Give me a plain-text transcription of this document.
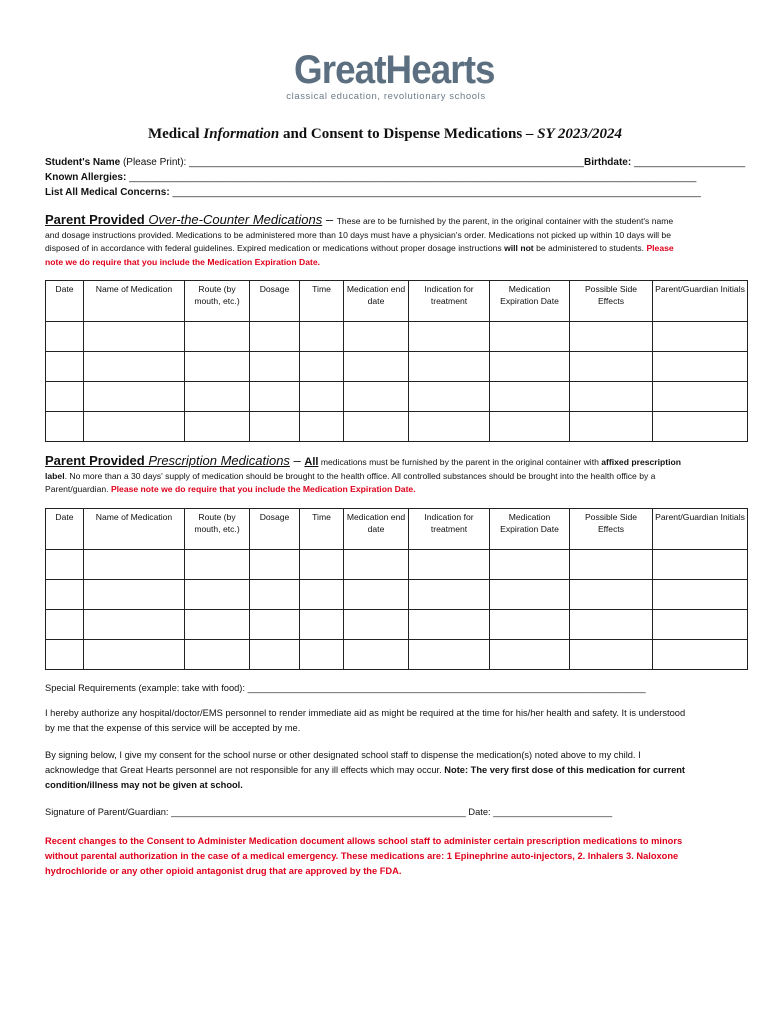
GreatHearts
classical education, revolutionary schools
Medical Information and Consent to Dispense Medications – SY 2023/2024
Student's Name (Please Print): _______________________________________________________________________Birthdate: ____________________
Known Allergies: ______________________________________________________________________________________________________
List All Medical Concerns: _______________________________________________________________________________________________
Parent Provided Over-the-Counter Medications – These are to be furnished by the parent, in the original container with the student's name and dosage instructions provided. Medications to be administered more than 10 days must have a physician's order. Medications not picked up within 10 days will be disposed of in accordance with federal guidelines. Expired medication or medications without proper dosage instructions will not be administered to students. Please note we do require that you include the Medication Expiration Date.
Date	Name of Medication	Route (by mouth, etc.)	Dosage	Time	Medication end date	Indication for treatment	Medication Expiration Date	Possible Side Effects	Parent/Guardian Initials

Parent Provided Prescription Medications – All medications must be furnished by the parent in the original container with affixed prescription label. No more than a 30 days' supply of medication should be brought to the health office. All controlled substances should be brought into the health office by a Parent/guardian. Please note we do require that you include the Medication Expiration Date.
Date	Name of Medication	Route (by mouth, etc.)	Dosage	Time	Medication end date	Indication for treatment	Medication Expiration Date	Possible Side Effects	Parent/Guardian Initials

Special Requirements (example: take with food): _____________________________________________________________________________
I hereby authorize any hospital/doctor/EMS personnel to render immediate aid as might be required at the time for his/her health and safety. It is understood by me that the expense of this service will be accepted by me.
By signing below, I give my consent for the school nurse or other designated school staff to dispense the medication(s) noted above to my child. I acknowledge that Great Hearts personnel are not responsible for any ill effects which may occur. Note: The very first dose of this medication for current condition/illness may not be given at school.
Signature of Parent/Guardian: _________________________________________________________ Date: _______________________
Recent changes to the Consent to Administer Medication document allows school staff to administer certain prescription medications to minors without parental authorization in the case of a medical emergency. These medications are: 1 Epinephrine auto-injectors, 2. Inhalers 3. Naloxone hydrochloride or any other opioid antagonist drug that are approved by the FDA.
